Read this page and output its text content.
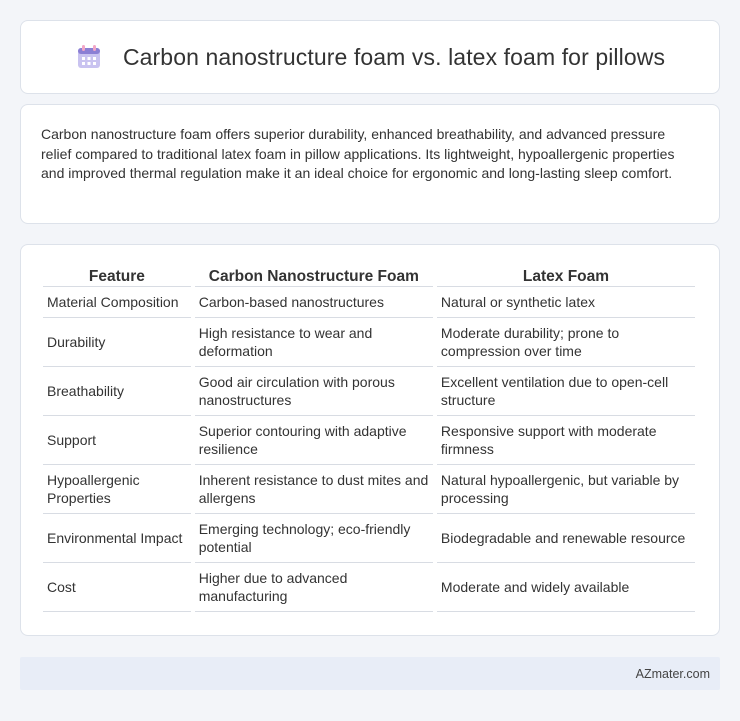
Carbon nanostructure foam vs. latex foam for pillows

Carbon nanostructure foam offers superior durability, enhanced breathability, and advanced pressure relief compared to traditional latex foam in pillow applications. Its lightweight, hypoallergenic properties and improved thermal regulation make it an ideal choice for ergonomic and long-lasting sleep comfort.

Feature	Carbon Nanostructure Foam	Latex Foam
Material Composition	Carbon-based nanostructures	Natural or synthetic latex
Durability	High resistance to wear and deformation	Moderate durability; prone to compression over time
Breathability	Good air circulation with porous nanostructures	Excellent ventilation due to open-cell structure
Support	Superior contouring with adaptive resilience	Responsive support with moderate firmness
Hypoallergenic Properties	Inherent resistance to dust mites and allergens	Natural hypoallergenic, but variable by processing
Environmental Impact	Emerging technology; eco-friendly potential	Biodegradable and renewable resource
Cost	Higher due to advanced manufacturing	Moderate and widely available
AZmater.com
